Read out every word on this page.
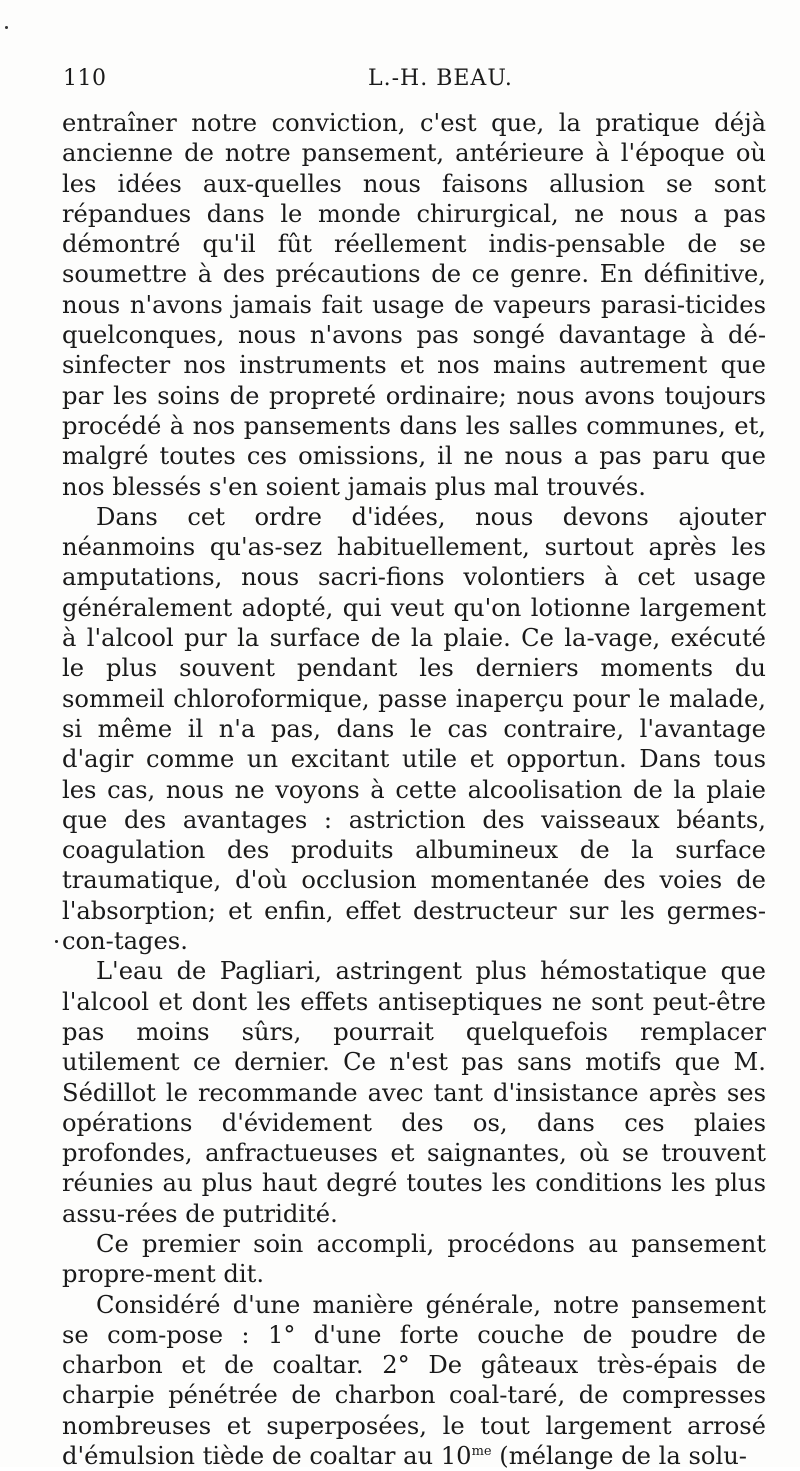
110	L.-H. BEAU.

entraîner notre conviction, c'est que, la pratique déjà ancienne de notre pansement, antérieure à l'époque où les idées aux-quelles nous faisons allusion se sont répandues dans le monde chirurgical, ne nous a pas démontré qu'il fût réellement indis-pensable de se soumettre à des précautions de ce genre. En définitive, nous n'avons jamais fait usage de vapeurs parasi-ticides quelconques, nous n'avons pas songé davantage à dé-sinfecter nos instruments et nos mains autrement que par les soins de propreté ordinaire; nous avons toujours procédé à nos pansements dans les salles communes, et, malgré toutes ces omissions, il ne nous a pas paru que nos blessés s'en soient jamais plus mal trouvés.

Dans cet ordre d'idées, nous devons ajouter néanmoins qu'as-sez habituellement, surtout après les amputations, nous sacri-fions volontiers à cet usage généralement adopté, qui veut qu'on lotionne largement à l'alcool pur la surface de la plaie. Ce la-vage, exécuté le plus souvent pendant les derniers moments du sommeil chloroformique, passe inaperçu pour le malade, si même il n'a pas, dans le cas contraire, l'avantage d'agir comme un excitant utile et opportun. Dans tous les cas, nous ne voyons à cette alcoolisation de la plaie que des avantages : astriction des vaisseaux béants, coagulation des produits albumineux de la surface traumatique, d'où occlusion momentanée des voies de l'absorption; et enfin, effet destructeur sur les germes-con-tages.

L'eau de Pagliari, astringent plus hémostatique que l'alcool et dont les effets antiseptiques ne sont peut-être pas moins sûrs, pourrait quelquefois remplacer utilement ce dernier. Ce n'est pas sans motifs que M. Sédillot le recommande avec tant d'insistance après ses opérations d'évidement des os, dans ces plaies profondes, anfractueuses et saignantes, où se trouvent réunies au plus haut degré toutes les conditions les plus assu-rées de putridité.

Ce premier soin accompli, procédons au pansement propre-ment dit.

Considéré d'une manière générale, notre pansement se com-pose : 1° d'une forte couche de poudre de charbon et de coaltar. 2° De gâteaux très-épais de charpie pénétrée de charbon coal-taré, de compresses nombreuses et superposées, le tout largement arrosé d'émulsion tiède de coaltar au $10^{me}$ (mélange de la solu-
